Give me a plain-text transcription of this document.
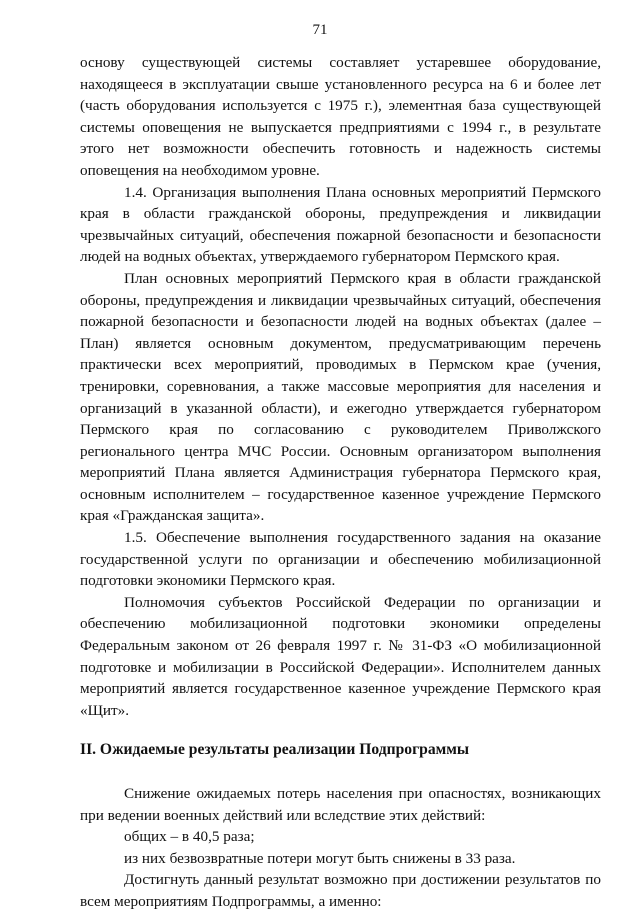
71

основу существующей системы составляет устаревшее оборудование, находящееся в эксплуатации свыше установленного ресурса на 6 и более лет (часть оборудования используется с 1975 г.), элементная база существующей системы оповещения не выпускается предприятиями с 1994 г., в результате этого нет возможности обеспечить готовность и надежность системы оповещения на необходимом уровне.

1.4. Организация выполнения Плана основных мероприятий Пермского края в области гражданской обороны, предупреждения и ликвидации чрезвычайных ситуаций, обеспечения пожарной безопасности и безопасности людей на водных объектах, утверждаемого губернатором Пермского края.

План основных мероприятий Пермского края в области гражданской обороны, предупреждения и ликвидации чрезвычайных ситуаций, обеспечения пожарной безопасности и безопасности людей на водных объектах (далее – План) является основным документом, предусматривающим перечень практически всех мероприятий, проводимых в Пермском крае (учения, тренировки, соревнования, а также массовые мероприятия для населения и организаций в указанной области), и ежегодно утверждается губернатором Пермского края по согласованию с руководителем Приволжского регионального центра МЧС России. Основным организатором выполнения мероприятий Плана является Администрация губернатора Пермского края, основным исполнителем – государственное казенное учреждение Пермского края «Гражданская защита».

1.5. Обеспечение выполнения государственного задания на оказание государственной услуги по организации и обеспечению мобилизационной подготовки экономики Пермского края.

Полномочия субъектов Российской Федерации по организации и обеспечению мобилизационной подготовки экономики определены Федеральным законом от 26 февраля 1997 г. № 31-ФЗ «О мобилизационной подготовке и мобилизации в Российской Федерации». Исполнителем данных мероприятий является государственное казенное учреждение Пермского края «Щит».

II. Ожидаемые результаты реализации Подпрограммы

Снижение ожидаемых потерь населения при опасностях, возникающих при ведении военных действий или вследствие этих действий:

общих – в 40,5 раза;

из них безвозвратные потери могут быть снижены в 33 раза.

Достигнуть данный результат возможно при достижении результатов по всем мероприятиям Подпрограммы, а именно:
